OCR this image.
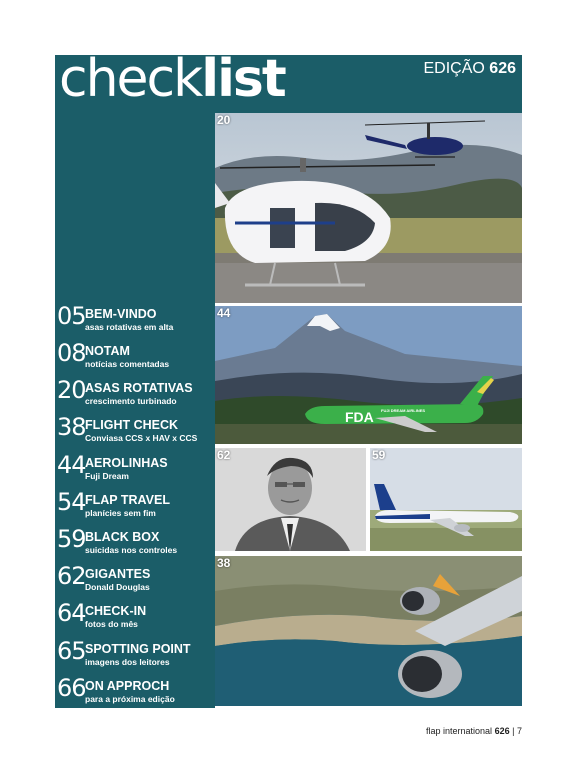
checklist	EDIÇÃO 626
05 BEM-VINDO
asas rotativas em alta
08 NOTAM
notícias comentadas
20 ASAS ROTATIVAS
crescimento turbinado
38 FLIGHT CHECK
Conviasa CCS x HAV x CCS
44 AEROLINHAS
Fuji Dream
54 FLAP TRAVEL
planícies sem fim
59 BLACK BOX
suicidas nos controles
62 GIGANTES
Donald Douglas
64 CHECK-IN
fotos do mês
65 SPOTTING POINT
imagens dos leitores
66 ON APPROCH
para a próxima edição
20
FDA FUJI DREAM AIRLINES
44
62	59
38
flap international 626 | 7
